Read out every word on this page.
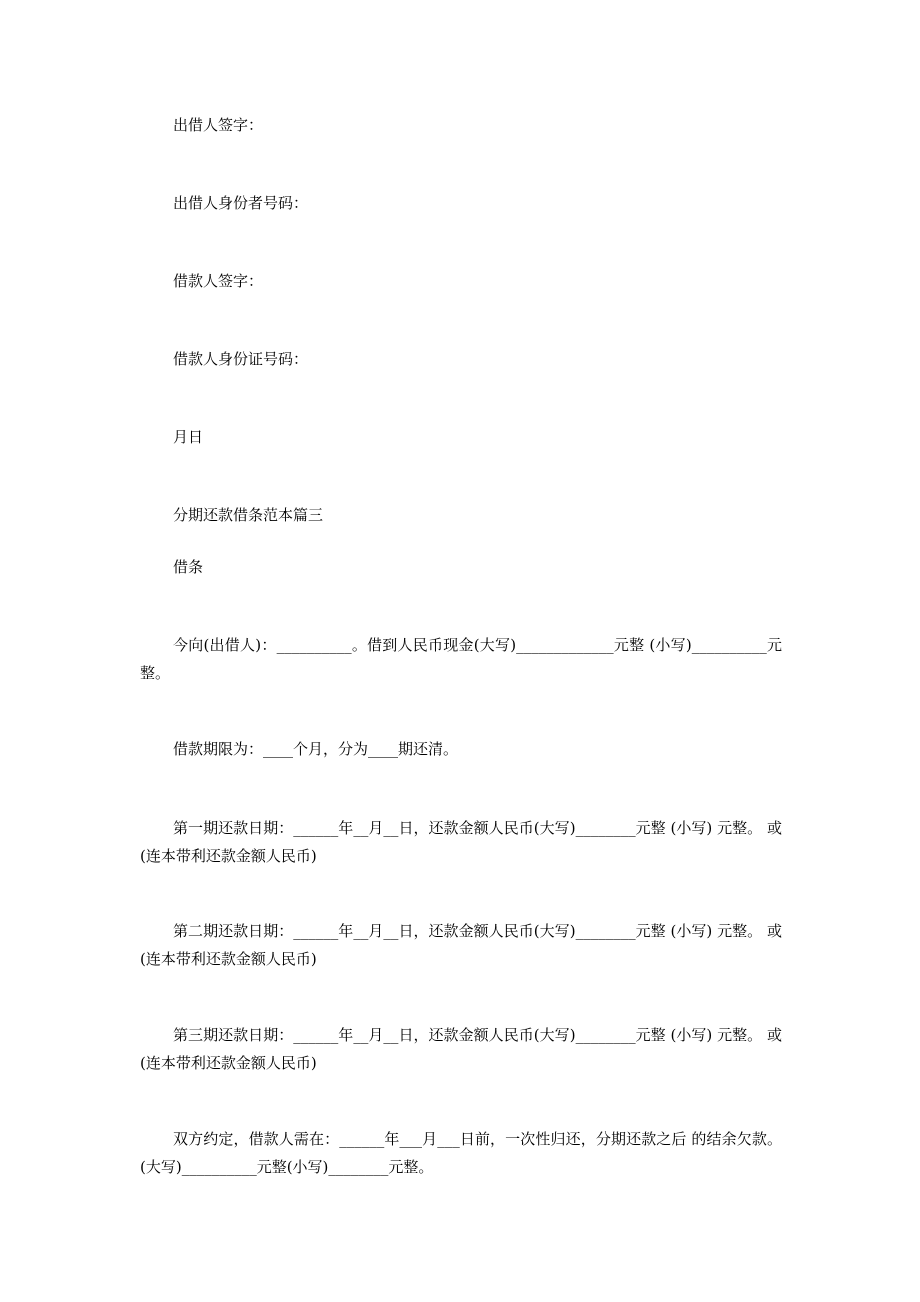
出借人签字：
出借人身份者号码：
借款人签字：
借款人身份证号码：
月日
分期还款借条范本篇三
借条
今向(出借人)：__________。借到人民币现金(大写)_____________元整 (小写)__________元整。
借款期限为：____个月，分为____期还清。
第一期还款日期：______年__月__日，还款金额人民币(大写)________元整 (小写) 元整。 或(连本带利还款金额人民币)
第二期还款日期：______年__月__日，还款金额人民币(大写)________元整 (小写) 元整。 或(连本带利还款金额人民币)
第三期还款日期：______年__月__日，还款金额人民币(大写)________元整 (小写) 元整。 或(连本带利还款金额人民币)
双方约定，借款人需在：______年___月___日前，一次性归还，分期还款之后 的结余欠款。(大写)__________元整(小写)________元整。
